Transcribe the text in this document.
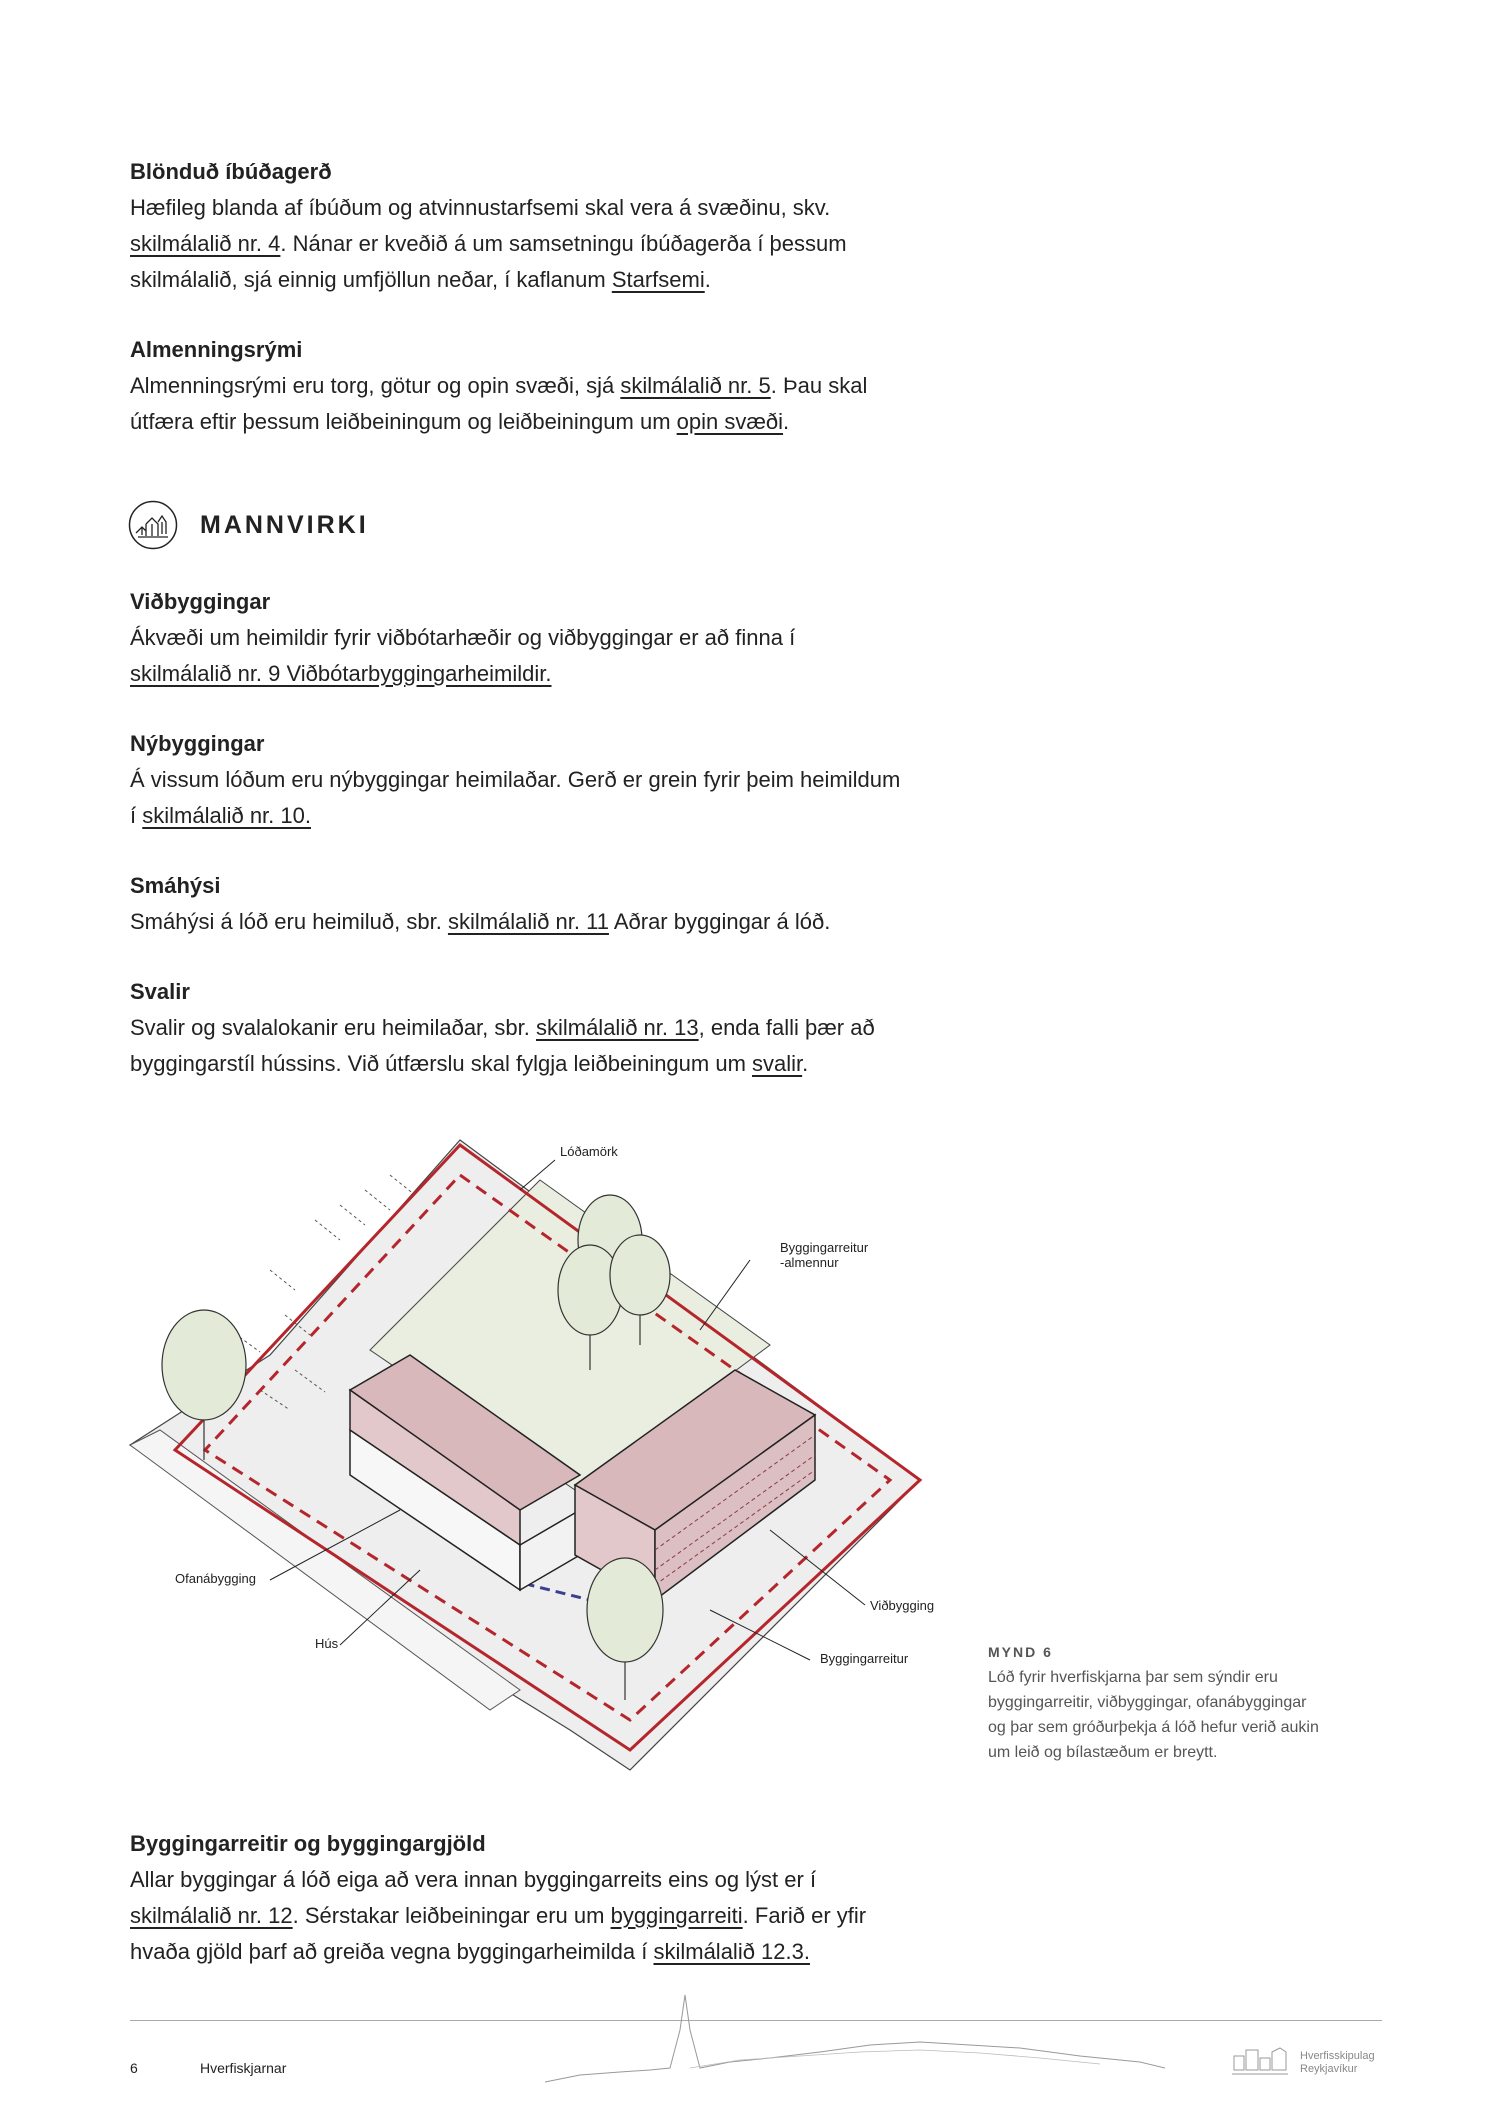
Blönduð íbúðagerð

Hæfileg blanda af íbúðum og atvinnustarfsemi skal vera á svæðinu, skv.

skilmálalið nr. 4. Nánar er kveðið á um samsetningu íbúðagerða í þessum

skilmálalið, sjá einnig umfjöllun neðar, í kaflanum Starfsemi.

Almenningsrými

Almenningsrými eru torg, götur og opin svæði, sjá skilmálalið nr. 5. Þau skal

útfæra eftir þessum leiðbeiningum og leiðbeiningum um opin svæði.

MANNVIRKI

Viðbyggingar

Ákvæði um heimildir fyrir viðbótarhæðir og viðbyggingar er að finna í

skilmálalið nr. 9 Viðbótarbyggingarheimildir.

Nýbyggingar

Á vissum lóðum eru nýbyggingar heimilaðar. Gerð er grein fyrir þeim heimildum

í skilmálalið nr. 10.

Smáhýsi

Smáhýsi á lóð eru heimiluð, sbr. skilmálalið nr. 11 Aðrar byggingar á lóð.

Svalir

Svalir og svalalokanir eru heimilaðar, sbr. skilmálalið nr. 13, enda falli þær að

byggingarstíl hússins. Við útfærslu skal fylgja leiðbeiningum um svalir.

Lóðamörk
Byggingarreitur
-almennur
Ofanábygging
Hús
Viðbygging
Byggingarreitur	MYND 6
Lóð fyrir hverfiskjarna þar sem sýndir eru
byggingarreitir, viðbyggingar, ofanábyggingar
og þar sem gróðurþekja á lóð hefur verið aukin
um leið og bílastæðum er breytt.

Byggingarreitir og byggingargjöld

Allar byggingar á lóð eiga að vera innan byggingarreits eins og lýst er í

skilmálalið nr. 12. Sérstakar leiðbeiningar eru um byggingarreiti. Farið er yfir

hvaða gjöld þarf að greiða vegna byggingarheimilda í skilmálalið 12.3.

6	Hverfiskjarnar
Hverfisskipulag
Reykjavíkur
